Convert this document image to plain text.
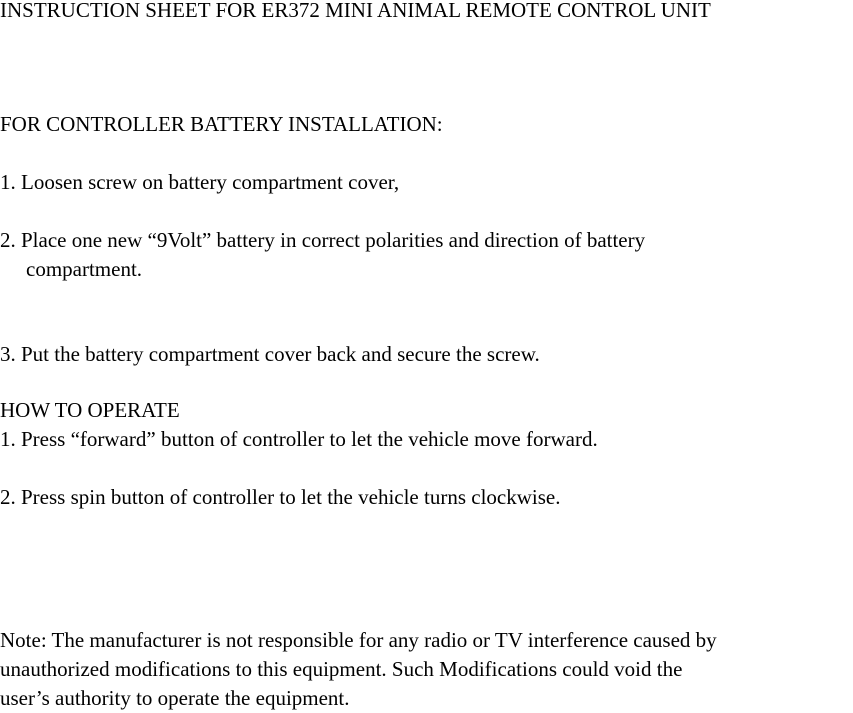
INSTRUCTION SHEET FOR ER372 MINI ANIMAL REMOTE CONTROL UNIT

FOR CONTROLLER BATTERY INSTALLATION:

1. Loosen screw on battery compartment cover,

2. Place one new “9Volt” battery in correct polarities and direction of battery

compartment.

3. Put the battery compartment cover back and secure the screw.

HOW TO OPERATE

1. Press “forward” button of controller to let the vehicle move forward.

2. Press spin button of controller to let the vehicle turns clockwise.

Note: The manufacturer is not responsible for any radio or TV interference caused by

unauthorized modifications to this equipment. Such Modifications could void the

user’s authority to operate the equipment.
